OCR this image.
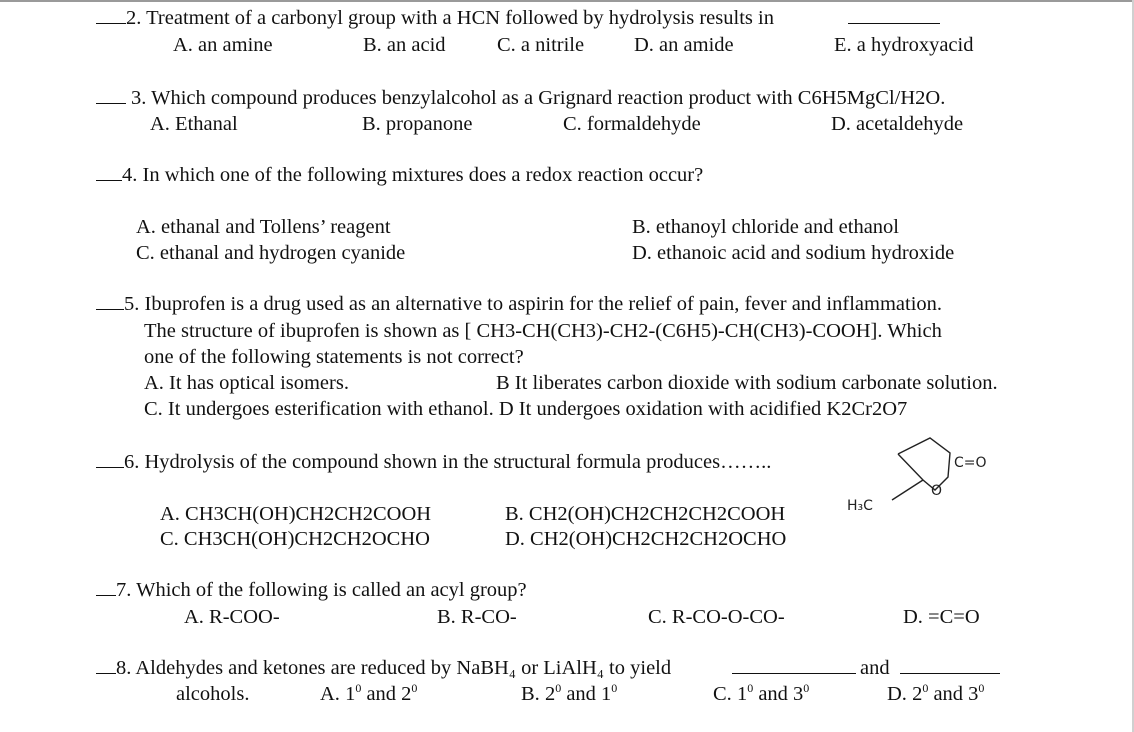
2. Treatment of a carbonyl group with a HCN followed by hydrolysis results in
A. an amine	B. an acid	C. a nitrile D. an amide	E. a hydroxyacid
3. Which compound produces benzylalcohol as a Grignard reaction product with C6H5MgCl/H2O.
A. Ethanal	B. propanone	C. formaldehyde	D. acetaldehyde
4. In which one of the following mixtures does a redox reaction occur?
A. ethanal and Tollens’ reagent	B. ethanoyl chloride and ethanol
C. ethanal and hydrogen cyanide	D. ethanoic acid and sodium hydroxide
5. Ibuprofen is a drug used as an alternative to aspirin for the relief of pain, fever and inflammation.
The structure of ibuprofen is shown as [ CH3-CH(CH3)-CH2-(C6H5)-CH(CH3)-COOH]. Which
one of the following statements is not correct?
A. It has optical isomers.	B It liberates carbon dioxide with sodium carbonate solution.
C. It undergoes esterification with ethanol. D It undergoes oxidation with acidified K2Cr2O7
6. Hydrolysis of the compound shown in the structural formula produces……..	C=O
O
H₃C
A. CH3CH(OH)CH2CH2COOH	B. CH2(OH)CH2CH2CH2COOH
C. CH3CH(OH)CH2CH2OCHO	D. CH2(OH)CH2CH2CH2OCHO
7. Which of the following is called an acyl group?
A. R-COO-	B. R-CO-	C. R-CO-O-CO-	D. =C=O
8. Aldehydes and ketones are reduced by NaBH₄ or LiAlH₄ to yield	and
alcohols.	A. $1^0$ and $2^0$	B. $2^0$ and $1^0$	C. $1^0$ and $3^0$	D. $2^0$ and $3^0$
